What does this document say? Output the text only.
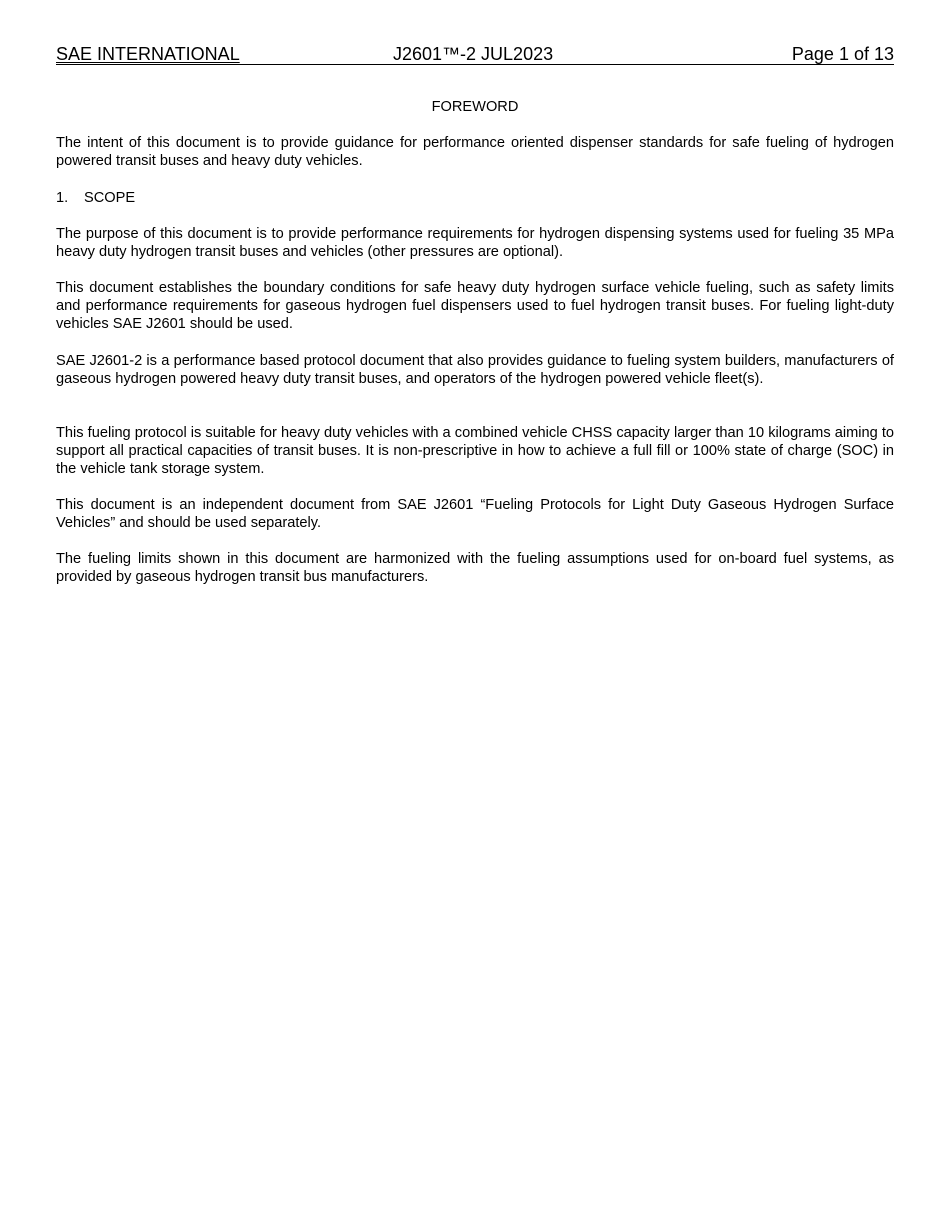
SAE INTERNATIONAL	J2601™-2 JUL2023	Page 1 of 13
FOREWORD

The intent of this document is to provide guidance for performance oriented dispenser standards for safe fueling of hydrogen powered transit buses and heavy duty vehicles.

1. SCOPE

The purpose of this document is to provide performance requirements for hydrogen dispensing systems used for fueling 35 MPa heavy duty hydrogen transit buses and vehicles (other pressures are optional).

This document establishes the boundary conditions for safe heavy duty hydrogen surface vehicle fueling, such as safety limits and performance requirements for gaseous hydrogen fuel dispensers used to fuel hydrogen transit buses. For fueling light-duty vehicles SAE J2601 should be used.

SAE J2601-2 is a performance based protocol document that also provides guidance to fueling system builders, manufacturers of gaseous hydrogen powered heavy duty transit buses, and operators of the hydrogen powered vehicle fleet(s).

This fueling protocol is suitable for heavy duty vehicles with a combined vehicle CHSS capacity larger than 10 kilograms aiming to support all practical capacities of transit buses. It is non-prescriptive in how to achieve a full fill or 100% state of charge (SOC) in the vehicle tank storage system.

This document is an independent document from SAE J2601 “Fueling Protocols for Light Duty Gaseous Hydrogen Surface Vehicles” and should be used separately.

The fueling limits shown in this document are harmonized with the fueling assumptions used for on-board fuel systems, as provided by gaseous hydrogen transit bus manufacturers.
